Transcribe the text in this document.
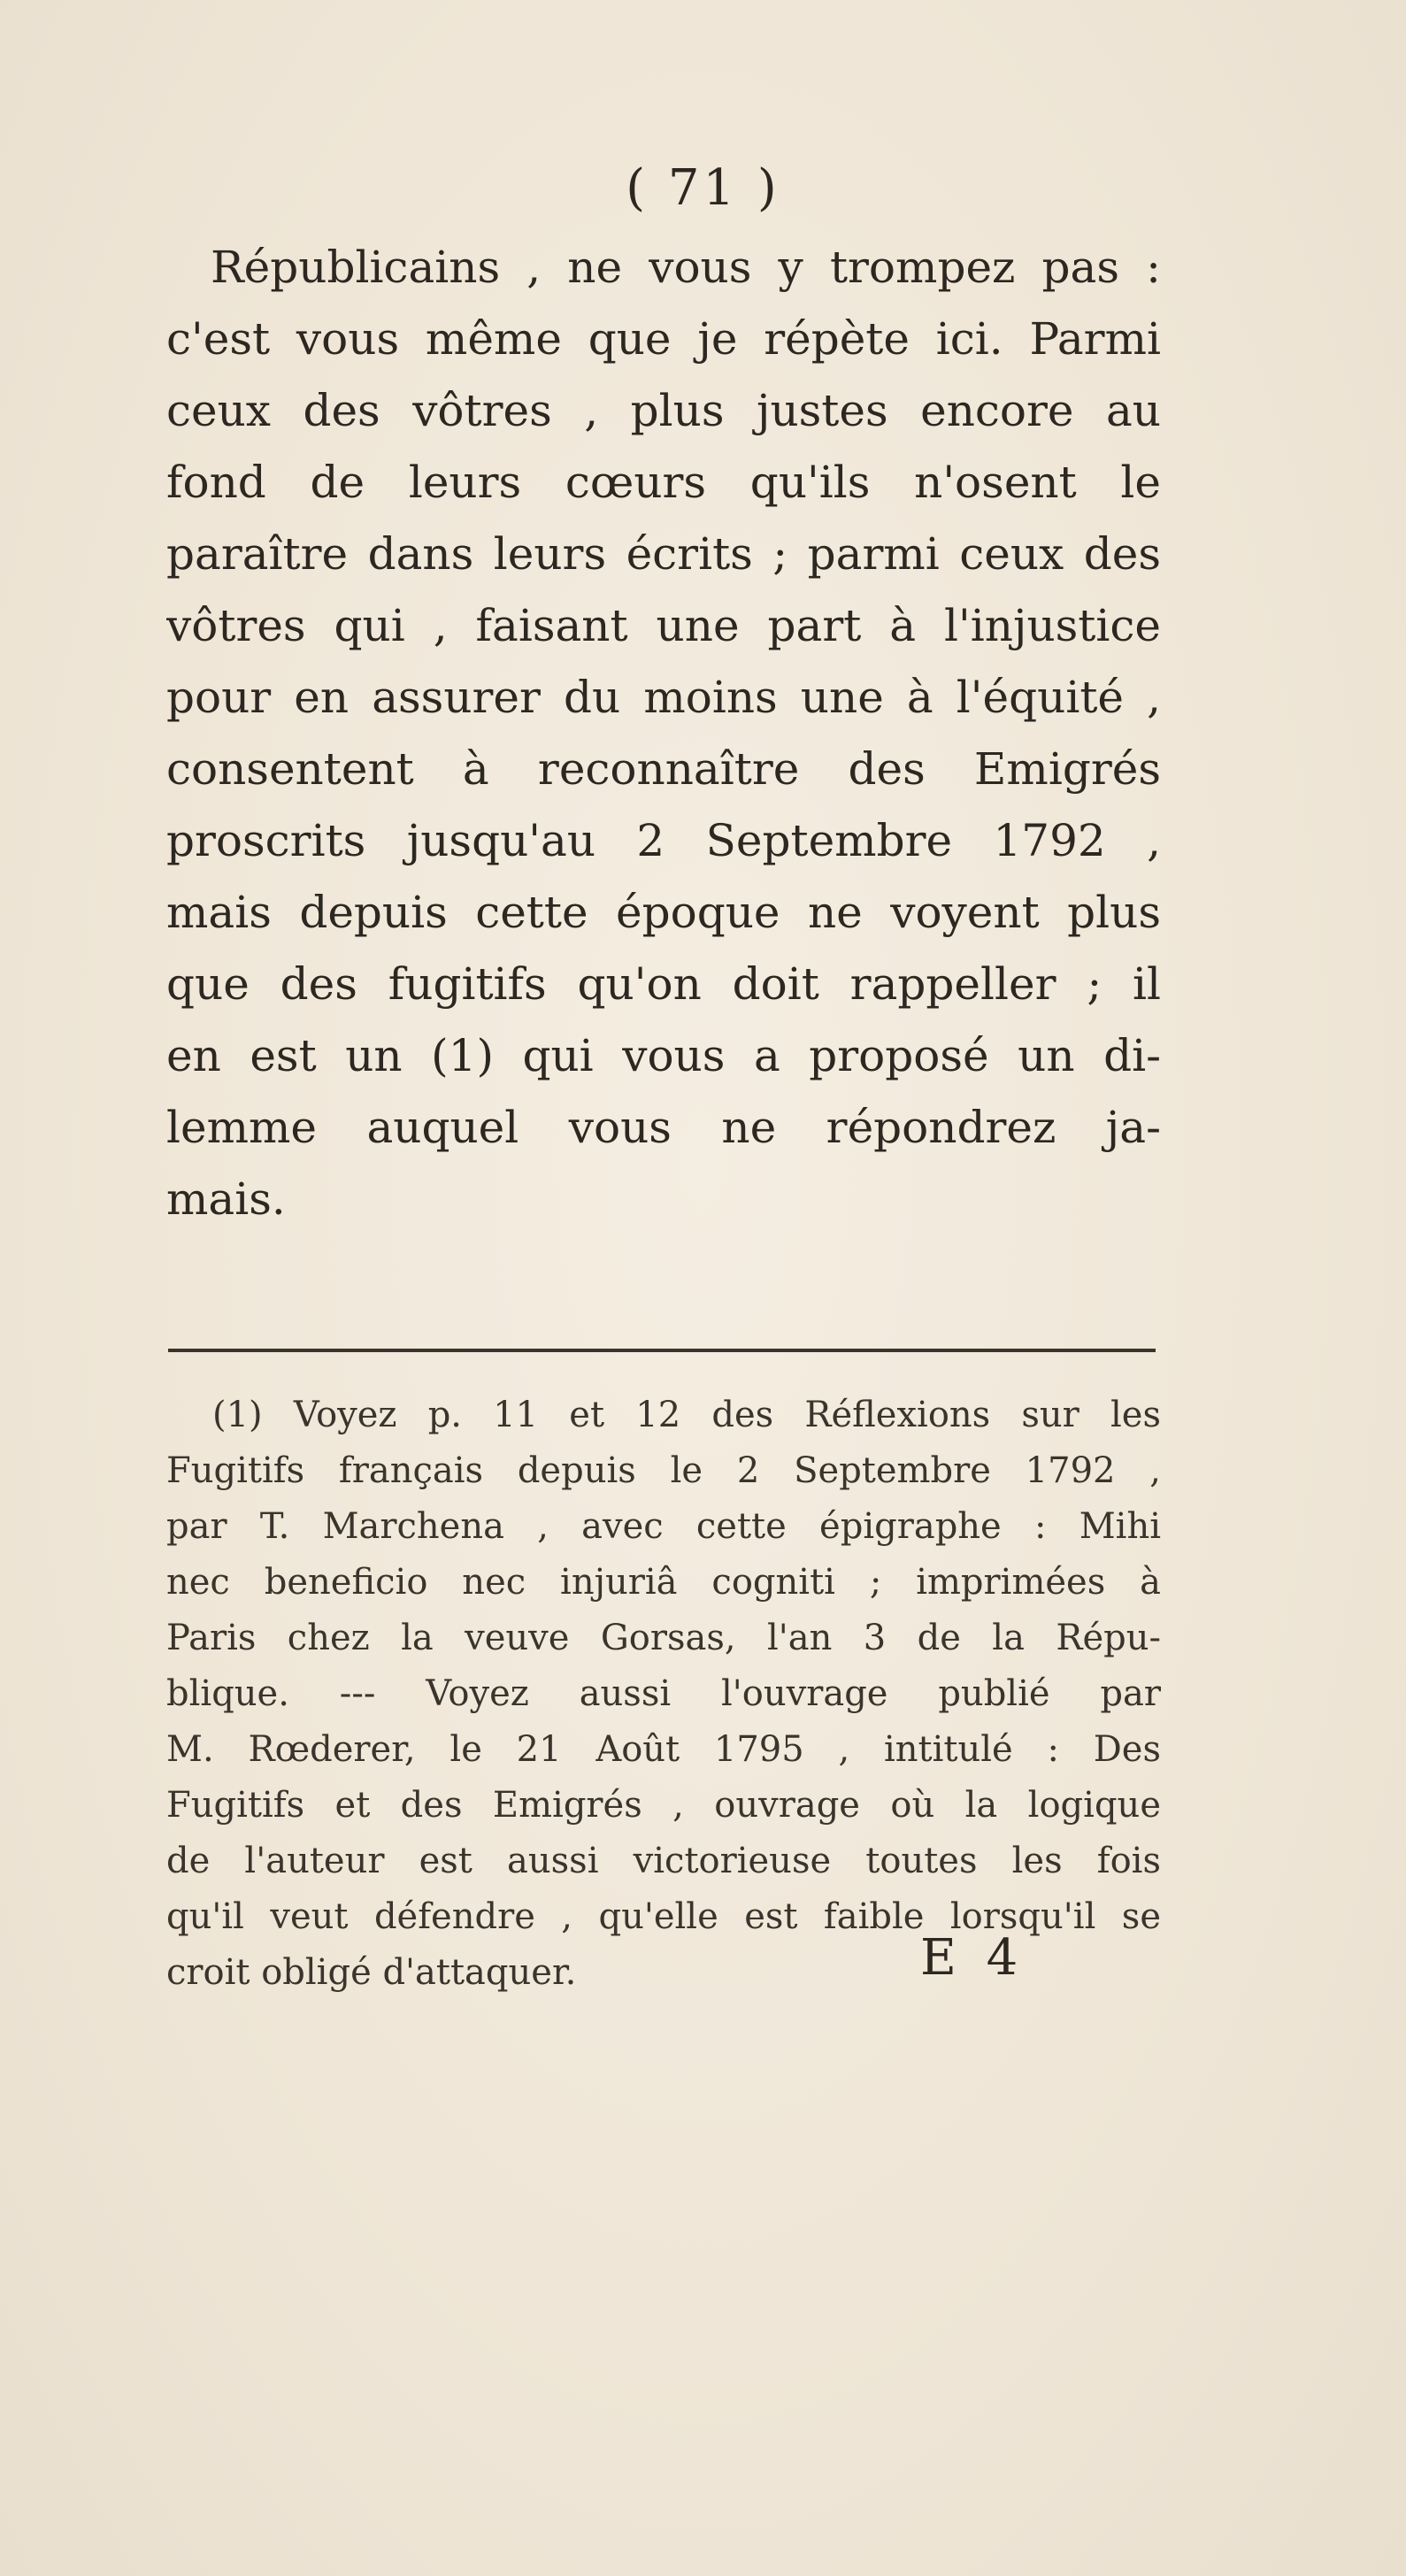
( 71 )
Républicains , ne vous y trompez pas :
c'est vous même que je répète ici. Parmi
ceux des vôtres , plus justes encore au
fond de leurs cœurs qu'ils n'osent le
paraître dans leurs écrits ; parmi ceux des
vôtres qui , faisant une part à l'injustice
pour en assurer du moins une à l'équité ,
consentent à reconnaître des Emigrés
proscrits jusqu'au 2 Septembre 1792 ,
mais depuis cette époque ne voyent plus
que des fugitifs qu'on doit rappeller ; il
en est un (1) qui vous a proposé un di-
lemme auquel vous ne répondrez ja-
mais.
(1) Voyez p. 11 et 12 des Réflexions sur les
Fugitifs français depuis le 2 Septembre 1792 ,
par T. Marchena , avec cette épigraphe : Mihi
nec beneficio nec injuriâ cogniti ; imprimées à
Paris chez la veuve Gorsas, l'an 3 de la Répu-
blique. --- Voyez aussi l'ouvrage publié par
M. Rœderer, le 21 Août 1795 , intitulé : Des
Fugitifs et des Emigrés , ouvrage où la logique
de l'auteur est aussi victorieuse toutes les fois
qu'il veut défendre , qu'elle est faible lorsqu'il se
croit obligé d'attaquer.	E 4
